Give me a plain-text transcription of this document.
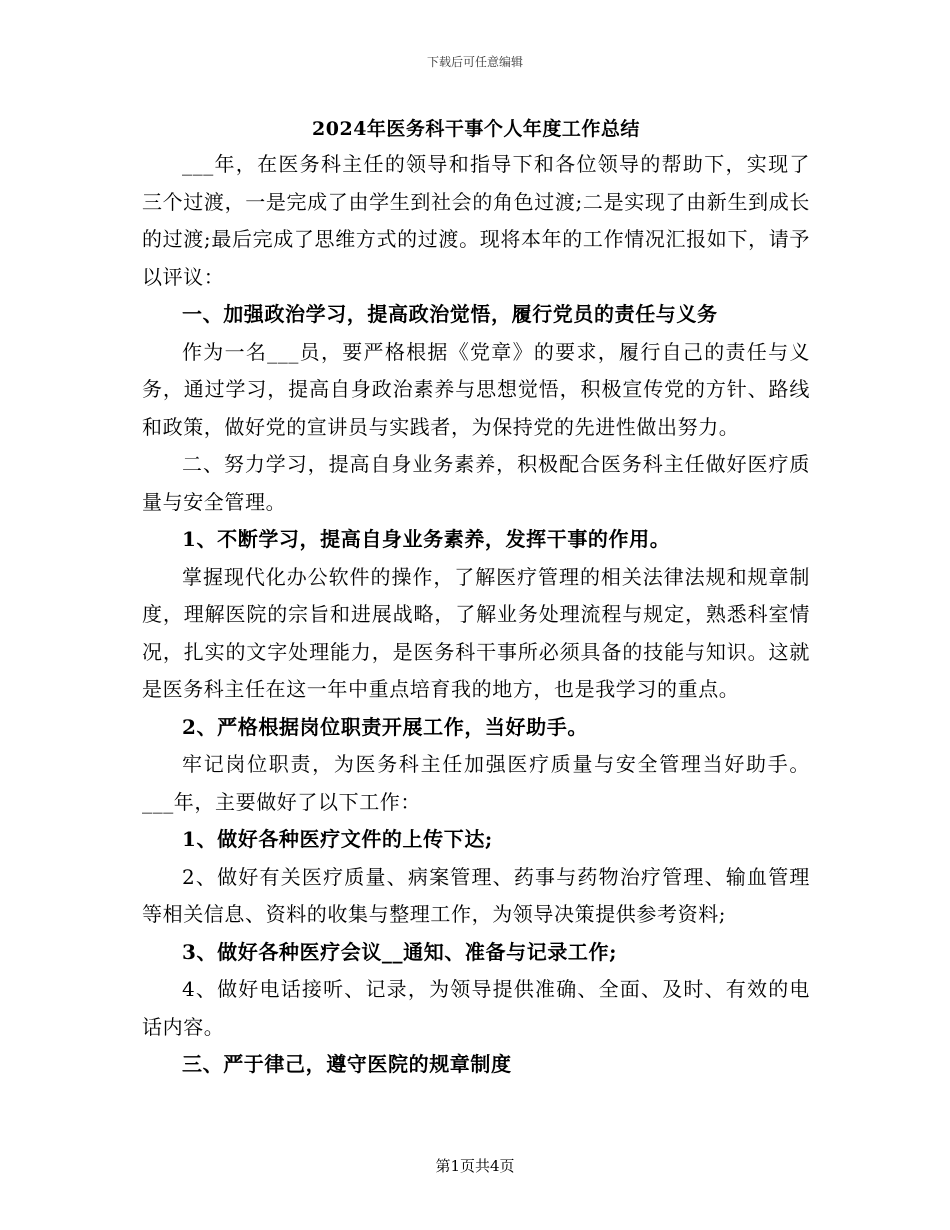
下载后可任意编辑
2024年医务科干事个人年度工作总结

___年，在医务科主任的领导和指导下和各位领导的帮助下，实现了三个过渡，一是完成了由学生到社会的角色过渡;二是实现了由新生到成长的过渡;最后完成了思维方式的过渡。现将本年的工作情况汇报如下，请予以评议：

一、加强政治学习，提高政治觉悟，履行党员的责任与义务

作为一名___员，要严格根据《党章》的要求，履行自己的责任与义务，通过学习，提高自身政治素养与思想觉悟，积极宣传党的方针、路线和政策，做好党的宣讲员与实践者，为保持党的先进性做出努力。

二、努力学习，提高自身业务素养，积极配合医务科主任做好医疗质量与安全管理。

1、不断学习，提高自身业务素养，发挥干事的作用。

掌握现代化办公软件的操作，了解医疗管理的相关法律法规和规章制度，理解医院的宗旨和进展战略，了解业务处理流程与规定，熟悉科室情况，扎实的文字处理能力，是医务科干事所必须具备的技能与知识。这就是医务科主任在这一年中重点培育我的地方，也是我学习的重点。

2、严格根据岗位职责开展工作，当好助手。

牢记岗位职责，为医务科主任加强医疗质量与安全管理当好助手。___年，主要做好了以下工作：

1、做好各种医疗文件的上传下达;

2、做好有关医疗质量、病案管理、药事与药物治疗管理、输血管理等相关信息、资料的收集与整理工作，为领导决策提供参考资料;

3、做好各种医疗会议__通知、准备与记录工作;

4、做好电话接听、记录，为领导提供准确、全面、及时、有效的电话内容。

三、严于律己，遵守医院的规章制度

第1页共4页
